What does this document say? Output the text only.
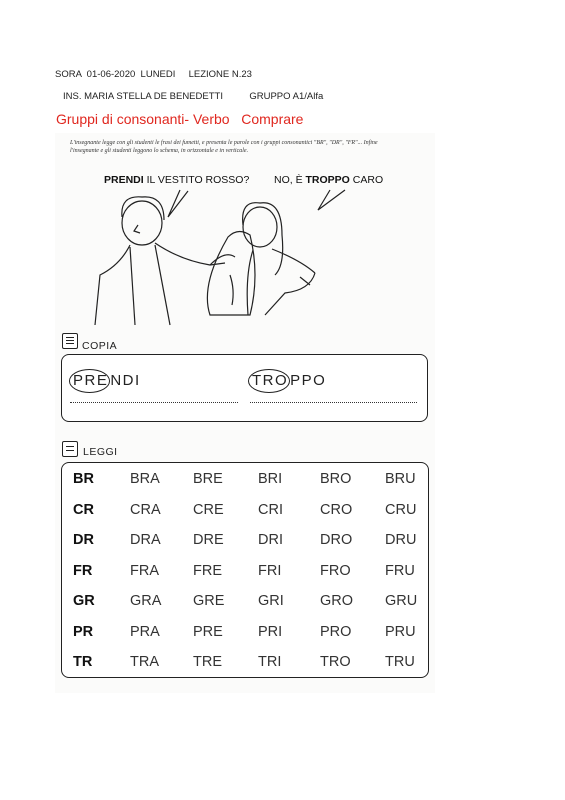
SORA  01-06-2020  LUNEDI     LEZIONE N.23
INS. MARIA STELLA DE BENEDETTI          GRUPPO A1/Alfa
Gruppi di consonanti- Verbo   Comprare
L'insegnante legge con gli studenti le frasi dei fumetti, e presenta le parole con i gruppi consonantici "BR", "DR", "FR"... Infine l'insegnante e gli studenti leggono lo schema, in orizzontale e in verticale.
PRENDI IL VESTITO ROSSO? NO, È TROPPO CARO
COPIA
PRE NDI	TRO PPO
LEGGI
BR BRA BRE BRI	BRO BRU
CR CRA CRE CRI	CRO CRU
DR DRA DRE DRI	DRO DRU
FR	FRA FRE FRI	FRO FRU
GR GRA GRE GRI GRO GRU
PR	PRA PRE PRI	PRO PRU
TR	TRA TRE TRI	TRO TRU
